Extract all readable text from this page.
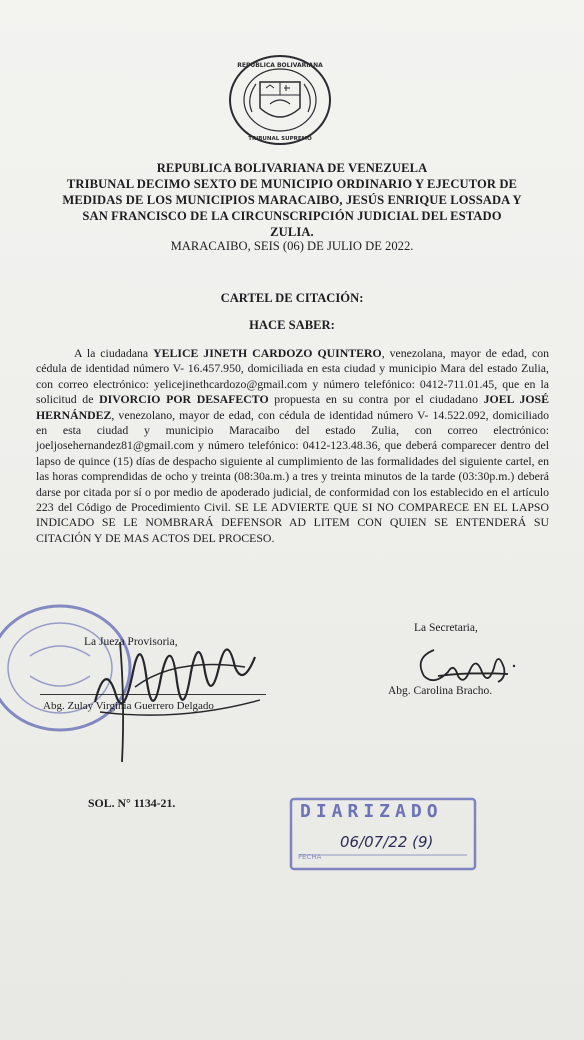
REPUBLICA BOLIVARIANA
TRIBUNAL SUPREMO
REPUBLICA BOLIVARIANA DE VENEZUELA
TRIBUNAL DECIMO SEXTO DE MUNICIPIO ORDINARIO Y EJECUTOR DE
MEDIDAS DE LOS MUNICIPIOS MARACAIBO, JESÚS ENRIQUE LOSSADA Y
SAN FRANCISCO DE LA CIRCUNSCRIPCIÓN JUDICIAL DEL ESTADO
ZULIA.
MARACAIBO, SEIS (06) DE JULIO DE 2022.
CARTEL DE CITACIÓN:
HACE SABER:
A la ciudadana YELICE JINETH CARDOZO QUINTERO, venezolana, mayor de edad, con cédula de identidad número V- 16.457.950, domiciliada en esta ciudad y municipio Mara del estado Zulia, con correo electrónico: yelicejinethcardozo@gmail.com y número telefónico: 0412-711.01.45, que en la solicitud de DIVORCIO POR DESAFECTO propuesta en su contra por el ciudadano JOEL JOSÉ HERNÁNDEZ, venezolano, mayor de edad, con cédula de identidad número V- 14.522.092, domiciliado en esta ciudad y municipio Maracaibo del estado Zulia, con correo electrónico: joeljosehernandez81@gmail.com y número telefónico: 0412-123.48.36, que deberá comparecer dentro del lapso de quince (15) días de despacho siguiente al cumplimiento de las formalidades del siguiente cartel, en las horas comprendidas de ocho y treinta (08:30a.m.) a tres y treinta minutos de la tarde (03:30p.m.) deberá darse por citada por sí o por medio de apoderado judicial, de conformidad con los establecido en el artículo 223 del Código de Procedimiento Civil. SE LE ADVIERTE QUE SI NO COMPARECE EN EL LAPSO INDICADO SE LE NOMBRARÁ DEFENSOR AD LITEM CON QUIEN SE ENTENDERÁ SU CITACIÓN Y DE MAS ACTOS DEL PROCESO.
La Jueza Provisoria,
Abg. Zulay Virginia Guerrero Delgado
La Secretaria,
Abg. Carolina Bracho.
SOL. N° 1134-21.	DIARIZADO
FECHA
06/07/22 (9)
